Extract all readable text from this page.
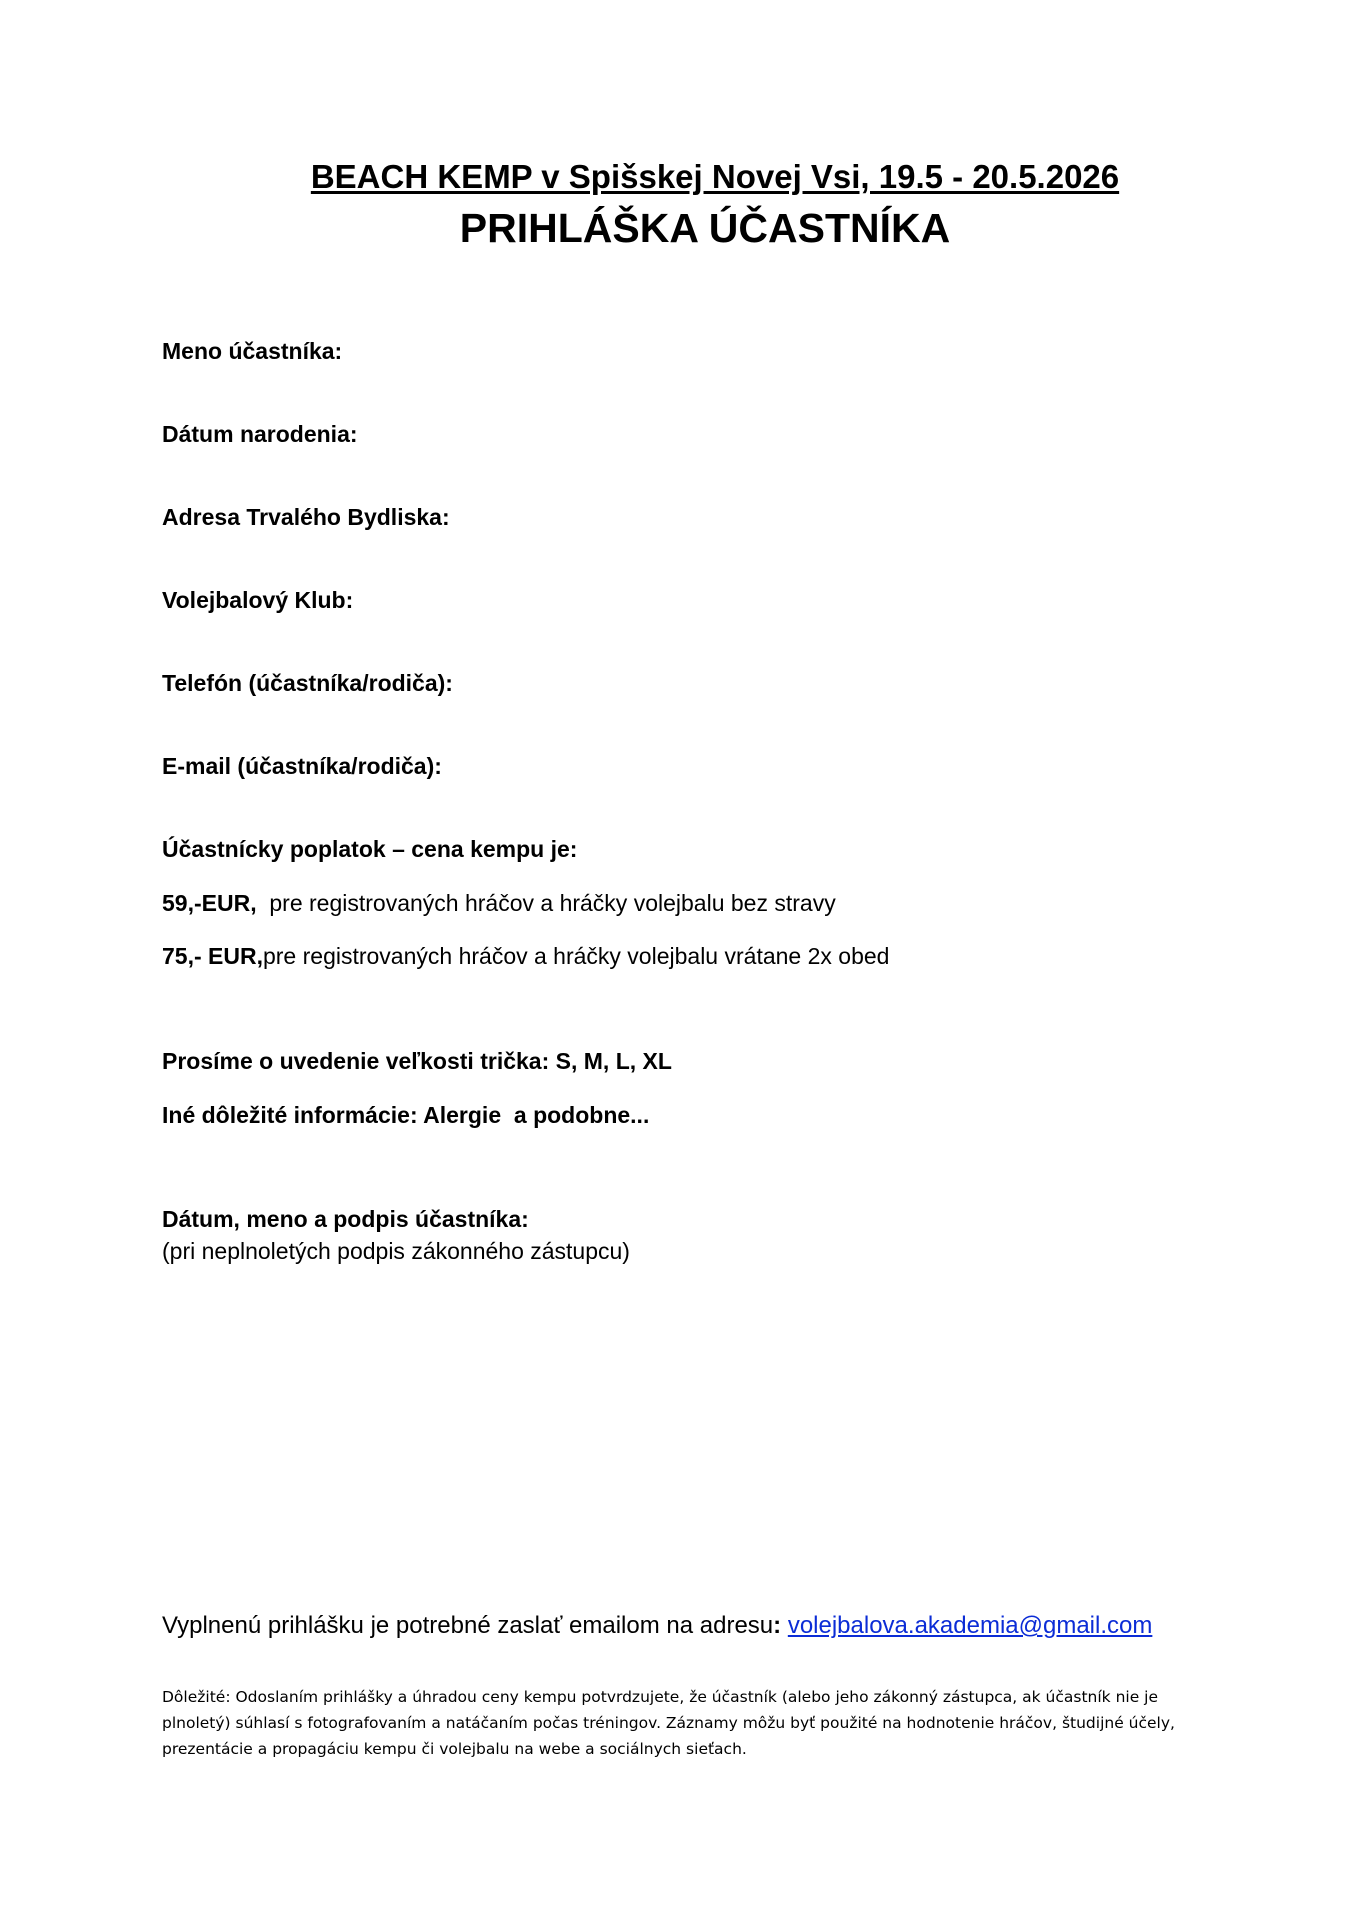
BEACH KEMP v Spišskej Novej Vsi, 19.5 - 20.5.2026
PRIHLÁŠKA ÚČASTNÍKA
Meno účastníka:
Dátum narodenia:
Adresa Trvalého Bydliska:
Volejbalový Klub:
Telefón (účastníka/rodiča):
E-mail (účastníka/rodiča):
Účastnícky poplatok – cena kempu je:
59,-EUR,  pre registrovaných hráčov a hráčky volejbalu bez stravy
75,- EUR,pre registrovaných hráčov a hráčky volejbalu vrátane 2x obed
Prosíme o uvedenie veľkosti trička: S, M, L, XL
Iné dôležité informácie: Alergie  a podobne...
Dátum, meno a podpis účastníka:
(pri neplnoletých podpis zákonného zástupcu)
Vyplnenú prihlášku je potrebné zaslať emailom na adresu: volejbalova.akademia@gmail.com
Dôležité: Odoslaním prihlášky a úhradou ceny kempu potvrdzujete, že účastník (alebo jeho zákonný zástupca, ak účastník nie je plnoletý) súhlasí s fotografovaním a natáčaním počas tréningov. Záznamy môžu byť použité na hodnotenie hráčov, študijné účely, prezentácie a propagáciu kempu či volejbalu na webe a sociálnych sieťach.
